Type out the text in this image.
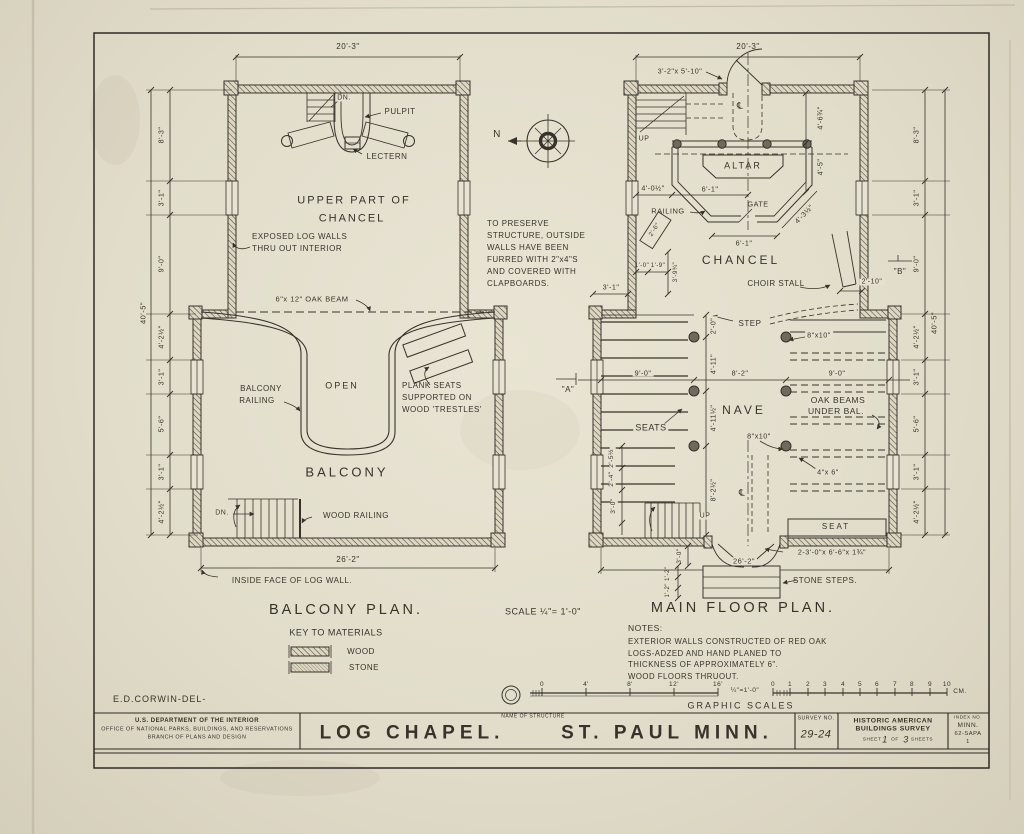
20'-3"
DN.
PULPIT
LECTERN
UPPER PART OF
CHANCEL
EXPOSED LOG WALLS
THRU OUT INTERIOR
6"x 12" OAK BEAM
BALCONY
RAILING
OPEN	PLANK SEATS
SUPPORTED ON
WOOD 'TRESTLES'
BALCONY
DN.	WOOD RAILING
26'-2"
INSIDE FACE OF LOG WALL.
BALCONY PLAN.	SCALE ¼"= 1'-0"
8'-3"
3'-1"
9'-0"
4'-2½"
3'-1"
5'-6"
3'-1"
4'-2½"
40'-5"
KEY TO MATERIALS
WOOD
STONE
N
TO PRESERVE
STRUCTURE, OUTSIDE
WALLS HAVE BEEN
FURRED WITH 2"x4"S
AND COVERED WITH
CLAPBOARDS.
20'-3"
3'-2"x 5'-10"
UP
℄
ALTAR
4'-0½"	6'-1"
RAILING
GATE
4'-6¾"
4'-5"
4'-3½"
6'-1"
CHANCEL
CHOIR STALL	2'-10"
3'-1"
1'-0" 1'-9" 3'-9¾"
2'-6"
"A"
"B"
STEP
8"x10"
9'-0"	8'-2"	9'-0"
NAVE
OAK BEAMS
UNDER BAL.
SEATS
8"x10"
4"x 6"
℄
2'-0"
4'-11"
4'-11½"
8'-2½"
2'-5½"
2'-4"
3'-0"
UP
SEAT
3'-0"
1'-2" 1'-2"
26'-2"
2-3'-0"x 6'-6"x 1¾"
STONE STEPS.
MAIN FLOOR PLAN.
8'-3"
3'-1"
9'-0"
4'-2½"
3'-1"
5'-6"
3'-1"
4'-2½"
40'-5"
NOTES:
EXTERIOR WALLS CONSTRUCTED OF RED OAK
LOGS-ADZED AND HAND PLANED TO
THICKNESS OF APPROXIMATELY 6".
WOOD FLOORS THRUOUT.
0	4'	8'	12'	16'
¼"=1'-0"
0 1 2 3 4 5 6 7 8 9 10
CM.
GRAPHIC SCALES
E.D.CORWIN-DEL-
U.S. DEPARTMENT OF THE INTERIOR
OFFICE OF NATIONAL PARKS, BUILDINGS, AND RESERVATIONS
BRANCH OF PLANS AND DESIGN
NAME OF STRUCTURE
LOG CHAPEL.	ST. PAUL MINN.
SURVEY NO.
29-24
HISTORIC AMERICAN
BUILDINGS SURVEY
SHEET 1 OF 3 SHEETS
INDEX NO.
MINN.
62-SAPA
1
